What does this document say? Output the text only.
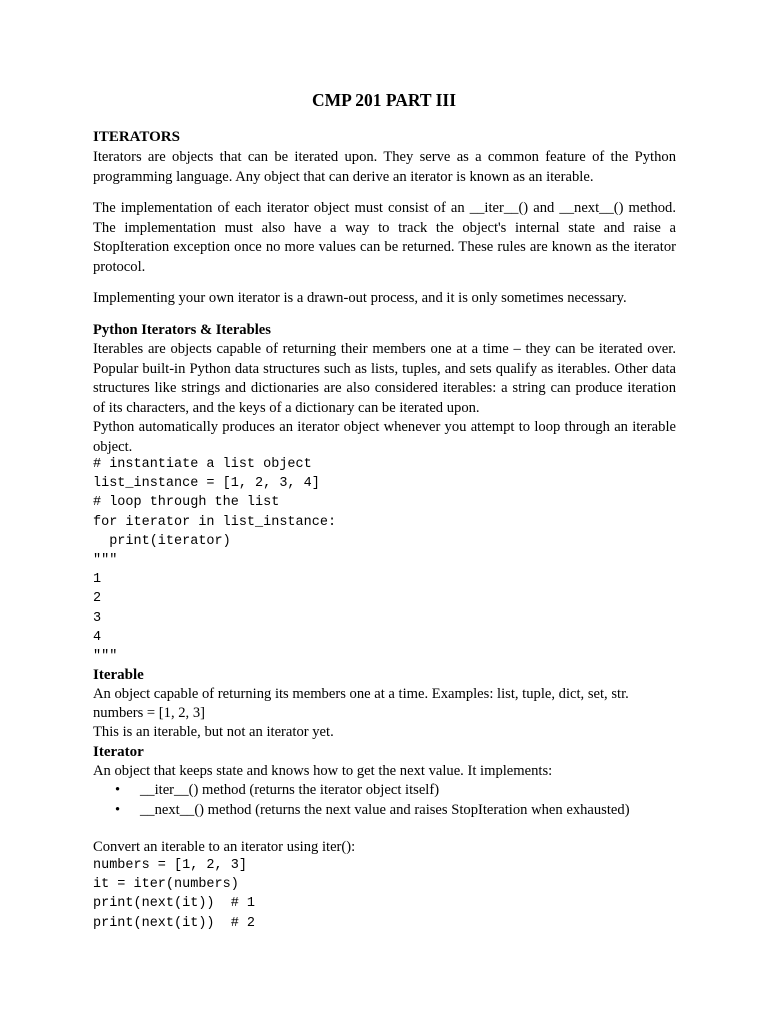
CMP 201 PART III
ITERATORS

Iterators are objects that can be iterated upon. They serve as a common feature of the Python programming language. Any object that can derive an iterator is known as an iterable.

The implementation of each iterator object must consist of an __iter__() and __next__() method. The implementation must also have a way to track the object's internal state and raise a StopIteration exception once no more values can be returned. These rules are known as the iterator protocol.

Implementing your own iterator is a drawn-out process, and it is only sometimes necessary.

Python Iterators & Iterables

Iterables are objects capable of returning their members one at a time – they can be iterated over. Popular built-in Python data structures such as lists, tuples, and sets qualify as iterables. Other data structures like strings and dictionaries are also considered iterables: a string can produce iteration of its characters, and the keys of a dictionary can be iterated upon.

Python automatically produces an iterator object whenever you attempt to loop through an iterable object.

# instantiate a list object
list_instance = [1, 2, 3, 4]
# loop through the list
for iterator in list_instance:
print(iterator)
"""
1
2
3
4
"""
Iterable

An object capable of returning its members one at a time. Examples: list, tuple, dict, set, str.

numbers = [1, 2, 3]

This is an iterable, but not an iterator yet.

Iterator

An object that keeps state and knows how to get the next value. It implements:

• __iter__() method (returns the iterator object itself)
• __next__() method (returns the next value and raises StopIteration when exhausted)

Convert an iterable to an iterator using iter():

numbers = [1, 2, 3]
it = iter(numbers)
print(next(it))  # 1
print(next(it))  # 2
